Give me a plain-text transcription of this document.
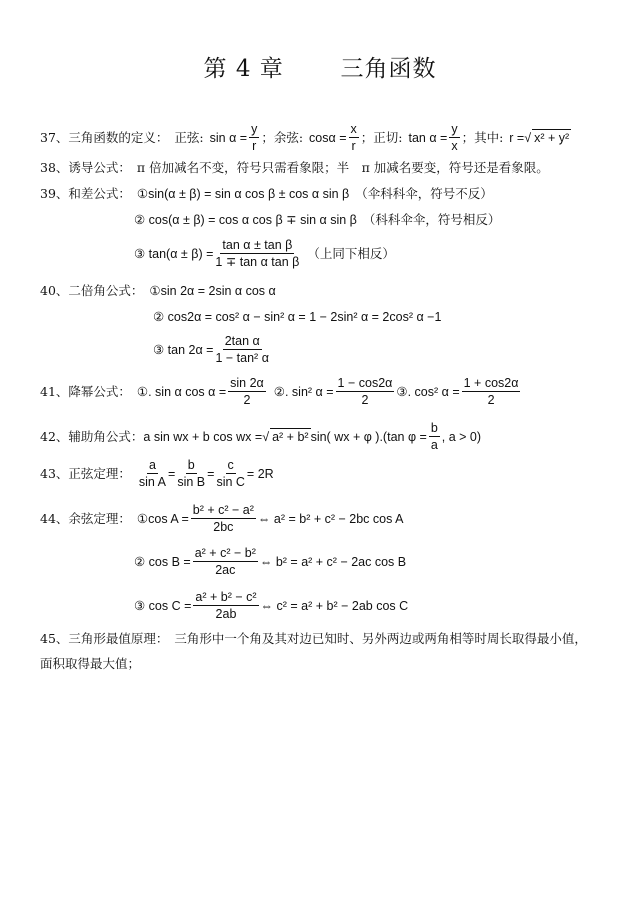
第 4 章 三角函数
37、三角函数的定义： 正弦: $\sin \alpha = \frac{y}{r}$ ；余弦: $\cos\alpha = \frac{x}{r}$ ；正切: $\tan \alpha = \frac{y}{x}$ ；其中: r = √ x² + y²
38、诱导公式： π 倍加减名不变，符号只需看象限；半　π 加减名要变，符号还是看象限。
39、和差公式： ①sin(α ± β) = sin α cos β ± cos α sin β （伞科科伞，符号不反）
② cos(α ± β) = cos α cos β ∓ sin α sin β （科科伞伞，符号相反）
③ $\tan(\alpha \pm \beta) = \frac{\text{tan α ± tan β}}{\text{1 ∓ tan α tan β}}$ （上同下相反）
40、二倍角公式： ①sin 2α = 2sin α cos α
② cos2α = cos² α − sin² α = 1 − 2sin² α = 2cos² α −1
③ $\tan 2\alpha = \frac{\text{2tan α}}{\text{1 − tan² α}}$
41、降幂公式： ①. sin α $\cos \alpha = \frac{\sin 2\alpha}{2}$ ②. sin² $\alpha = \frac{1 - \cos 2\alpha}{2}$ ③. cos² $\alpha = \frac{1 + \cos 2\alpha}{2}$
42、辅助角公式： a sin wx + b cos wx = √ a² + b² sin( wx + φ ).(tan $\varphi = \frac{b}{a}$ , a > 0)
43、正弦定理： $\frac{a}{\text{sin A}} = \frac{b}{\text{sin B}} = \frac{c}{\text{sin C}} = 2R$
44、余弦定理： ①cos $A = \frac{\text{b² + c² − a²}}{2bc}$ ⇔ a² = b² + c² − 2bc cos A
② $\cos B = \frac{\text{a² + c² − b²}}{2ac}$ ⇔ b² = a² + c² − 2ac cos B
③ $\cos C = \frac{\text{a² + b² − c²}}{2ab}$ ⇔ c² = a² + b² − 2ab cos C
45、三角形最值原理： 三角形中一个角及其对边已知时、另外两边或两角相等时周长取得最小值，
面积取得最大值；
